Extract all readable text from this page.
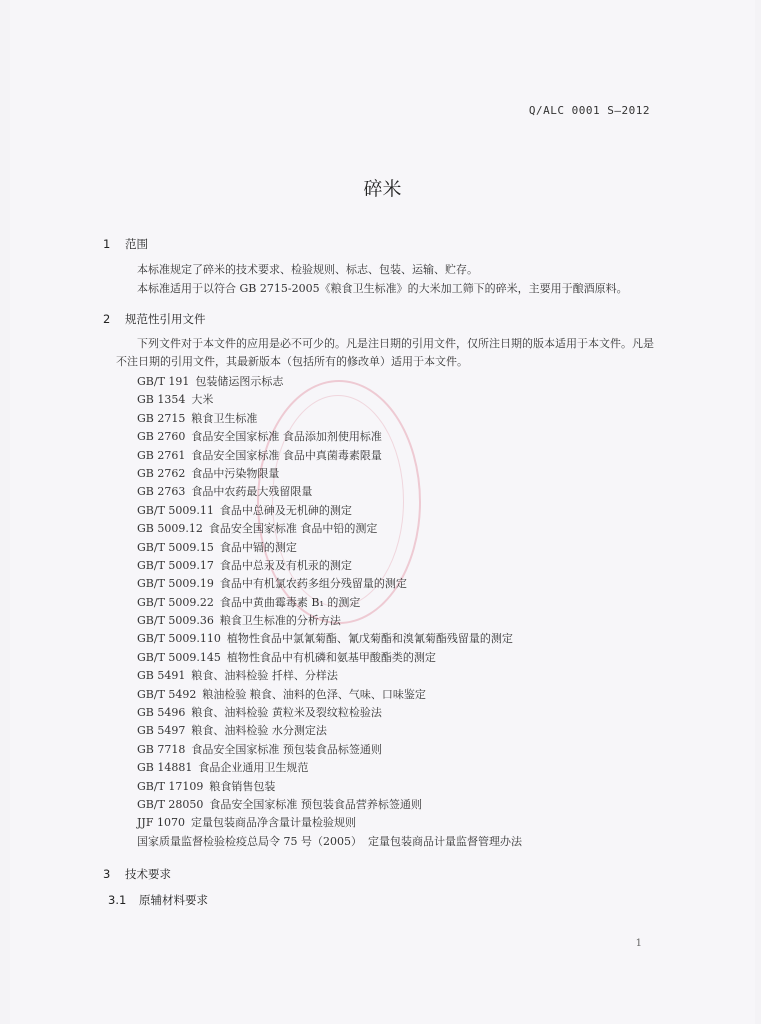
Q/ALC 0001 S—2012
碎米
1 范围
本标准规定了碎米的技术要求、检验规则、标志、包装、运输、贮存。
本标准适用于以符合 GB 2715-2005《粮食卫生标准》的大米加工筛下的碎米，主要用于酿酒原料。
2 规范性引用文件
下列文件对于本文件的应用是必不可少的。凡是注日期的引用文件，仅所注日期的版本适用于本文件。凡是不注日期的引用文件，其最新版本（包括所有的修改单）适用于本文件。
GB/T 191 包装储运图示标志
GB 1354 大米
GB 2715 粮食卫生标准
GB 2760 食品安全国家标准 食品添加剂使用标准
GB 2761 食品安全国家标准 食品中真菌毒素限量
GB 2762 食品中污染物限量
GB 2763 食品中农药最大残留限量
GB/T 5009.11 食品中总砷及无机砷的测定
GB 5009.12 食品安全国家标准 食品中铅的测定
GB/T 5009.15 食品中镉的测定
GB/T 5009.17 食品中总汞及有机汞的测定
GB/T 5009.19 食品中有机氯农药多组分残留量的测定
GB/T 5009.22 食品中黄曲霉毒素 B₁ 的测定
GB/T 5009.36 粮食卫生标准的分析方法
GB/T 5009.110 植物性食品中氯氰菊酯、氰戊菊酯和溴氰菊酯残留量的测定
GB/T 5009.145 植物性食品中有机磷和氨基甲酸酯类的测定
GB 5491 粮食、油料检验 扦样、分样法
GB/T 5492 粮油检验 粮食、油料的色泽、气味、口味鉴定
GB 5496 粮食、油料检验 黄粒米及裂纹粒检验法
GB 5497 粮食、油料检验 水分测定法
GB 7718 食品安全国家标准 预包装食品标签通则
GB 14881 食品企业通用卫生规范
GB/T 17109 粮食销售包装
GB/T 28050 食品安全国家标准 预包装食品营养标签通则
JJF 1070 定量包装商品净含量计量检验规则
国家质量监督检验检疫总局令 75 号（2005） 定量包装商品计量监督管理办法
3 技术要求
3.1 原辅材料要求
1
